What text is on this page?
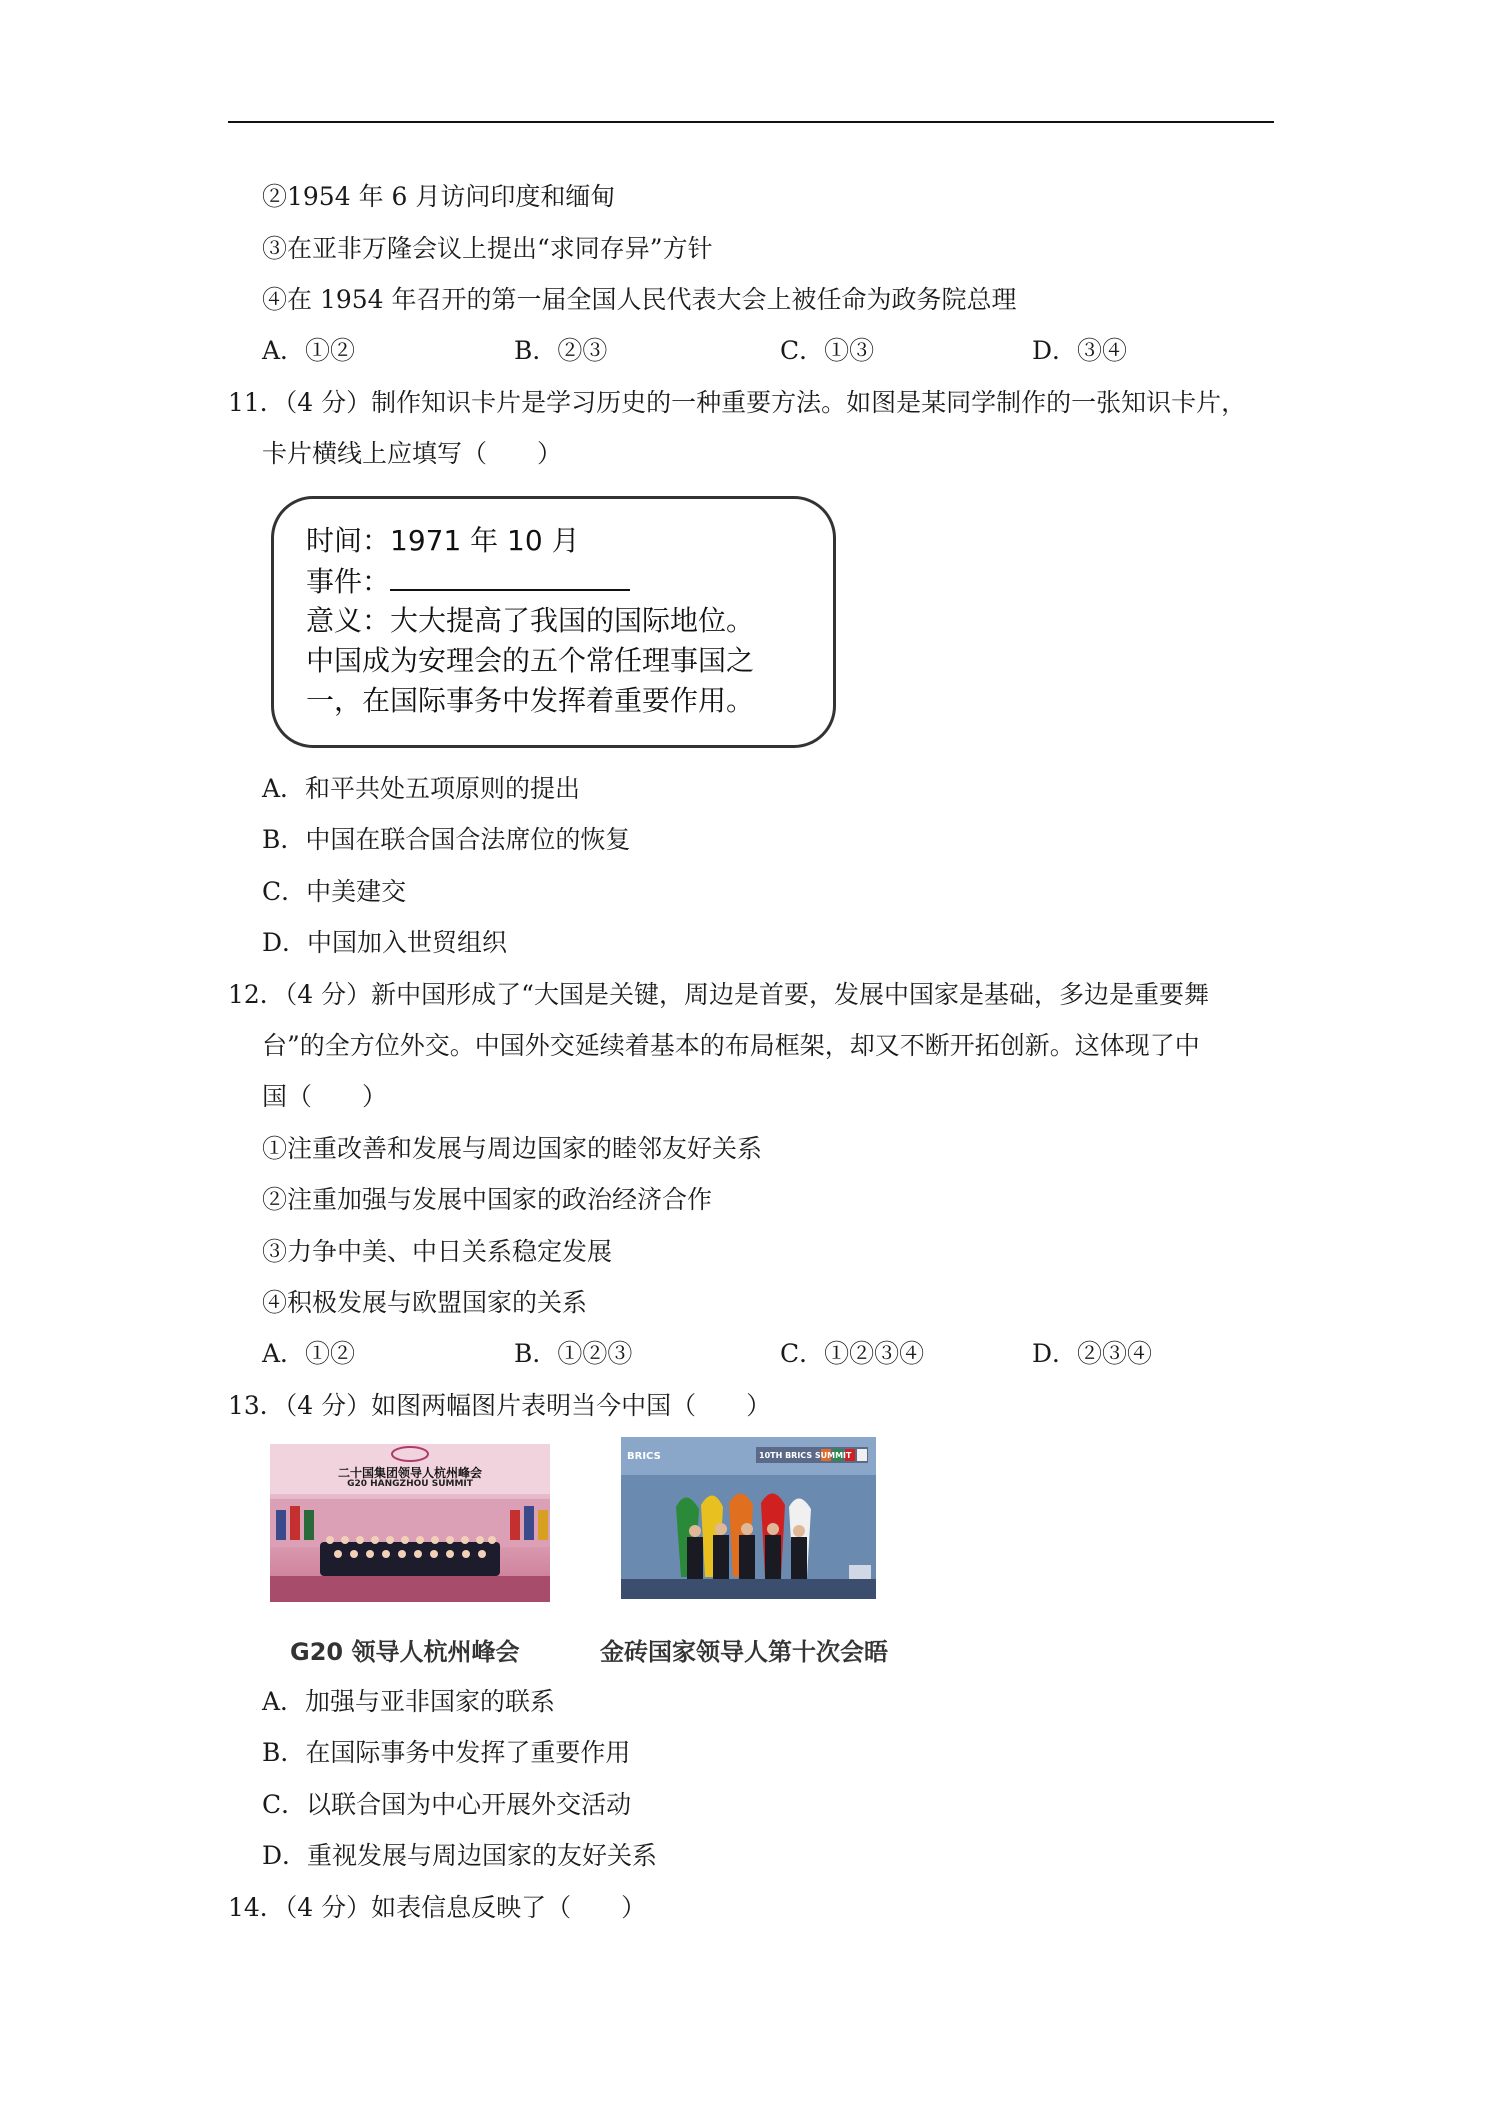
②1954 年 6 月访问印度和缅甸
③在亚非万隆会议上提出“求同存异”方针
④在 1954 年召开的第一届全国人民代表大会上被任命为政务院总理
A．①②	B．②③	C．①③	D．③④
11．（4 分）制作知识卡片是学习历史的一种重要方法。如图是某同学制作的一张知识卡片，
卡片横线上应填写（　　）
时间：1971 年 10 月
事件：
意义：大大提高了我国的国际地位。
中国成为安理会的五个常任理事国之
一，在国际事务中发挥着重要作用。
A．和平共处五项原则的提出
B．中国在联合国合法席位的恢复
C．中美建交
D．中国加入世贸组织
12．（4 分）新中国形成了“大国是关键，周边是首要，发展中国家是基础，多边是重要舞
台”的全方位外交。中国外交延续着基本的布局框架，却又不断开拓创新。这体现了中
国（　　）
①注重改善和发展与周边国家的睦邻友好关系
②注重加强与发展中国家的政治经济合作
③力争中美、中日关系稳定发展
④积极发展与欧盟国家的关系
A．①②	B．①②③	C．①②③④	D．②③④
13．（4 分）如图两幅图片表明当今中国（　　）
二十国集团领导人杭州峰会
G20 HANGZHOU SUMMIT
BRICS	10TH BRICS SUMMIT
G20 领导人杭州峰会	金砖国家领导人第十次会晤
A．加强与亚非国家的联系
B．在国际事务中发挥了重要作用
C．以联合国为中心开展外交活动
D．重视发展与周边国家的友好关系
14．（4 分）如表信息反映了（　　）
